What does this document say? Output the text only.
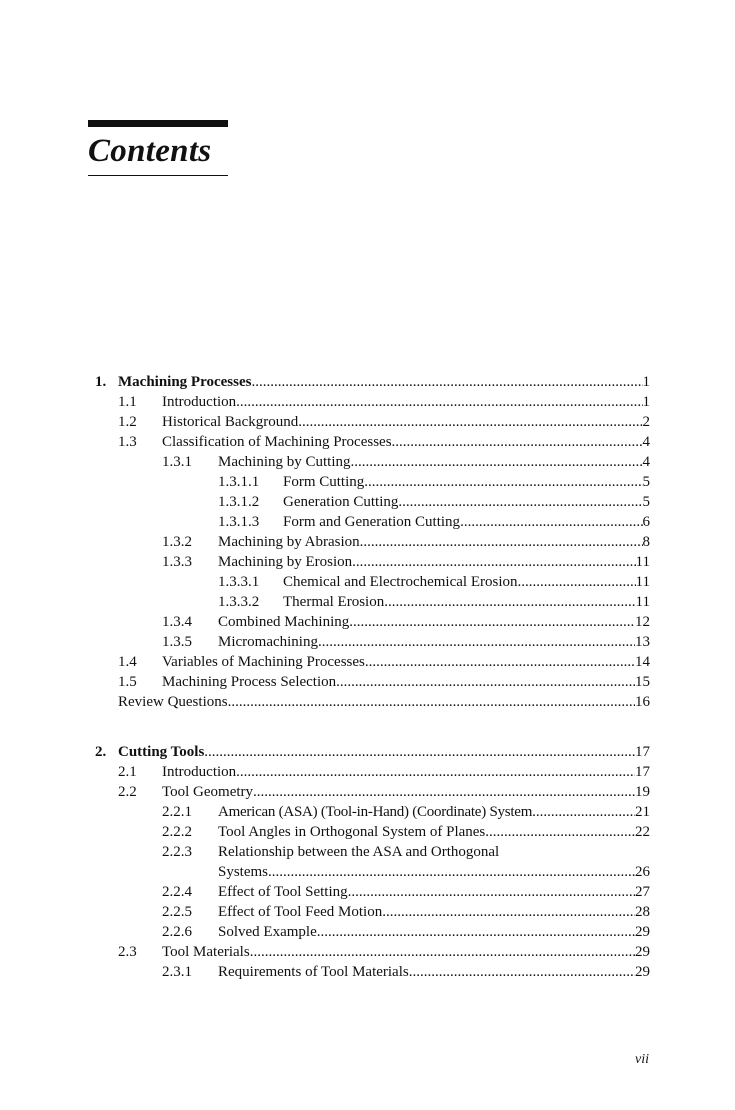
Contents
1. Machining Processes .....	1
1.1 Introduction .....	1
1.2 Historical Background .....	2
1.3 Classification of Machining Processes .....	4
1.3.1 Machining by Cutting .....	4
1.3.1.1 Form Cutting .....	5
1.3.1.2 Generation Cutting .....	5
1.3.1.3 Form and Generation Cutting .....	6
1.3.2 Machining by Abrasion .....	8
1.3.3 Machining by Erosion .....	11
1.3.3.1 Chemical and Electrochemical Erosion .....	11
1.3.3.2 Thermal Erosion .....	11
1.3.4 Combined Machining .....	12
1.3.5 Micromachining .....	13
1.4 Variables of Machining Processes .....	14
1.5 Machining Process Selection .....	15
Review Questions .....	16
2. Cutting Tools .....	17
2.1 Introduction .....	17
2.2 Tool Geometry .....	19
2.2.1 American (ASA) (Tool-in-Hand) (Coordinate) System .....	21
2.2.2 Tool Angles in Orthogonal System of Planes .....	22
2.2.3 Relationship between the ASA and Orthogonal
Systems .....	26
2.2.4 Effect of Tool Setting .....	27
2.2.5 Effect of Tool Feed Motion .....	28
2.2.6 Solved Example .....	29
2.3 Tool Materials .....	29
2.3.1 Requirements of Tool Materials .....	29
vii
